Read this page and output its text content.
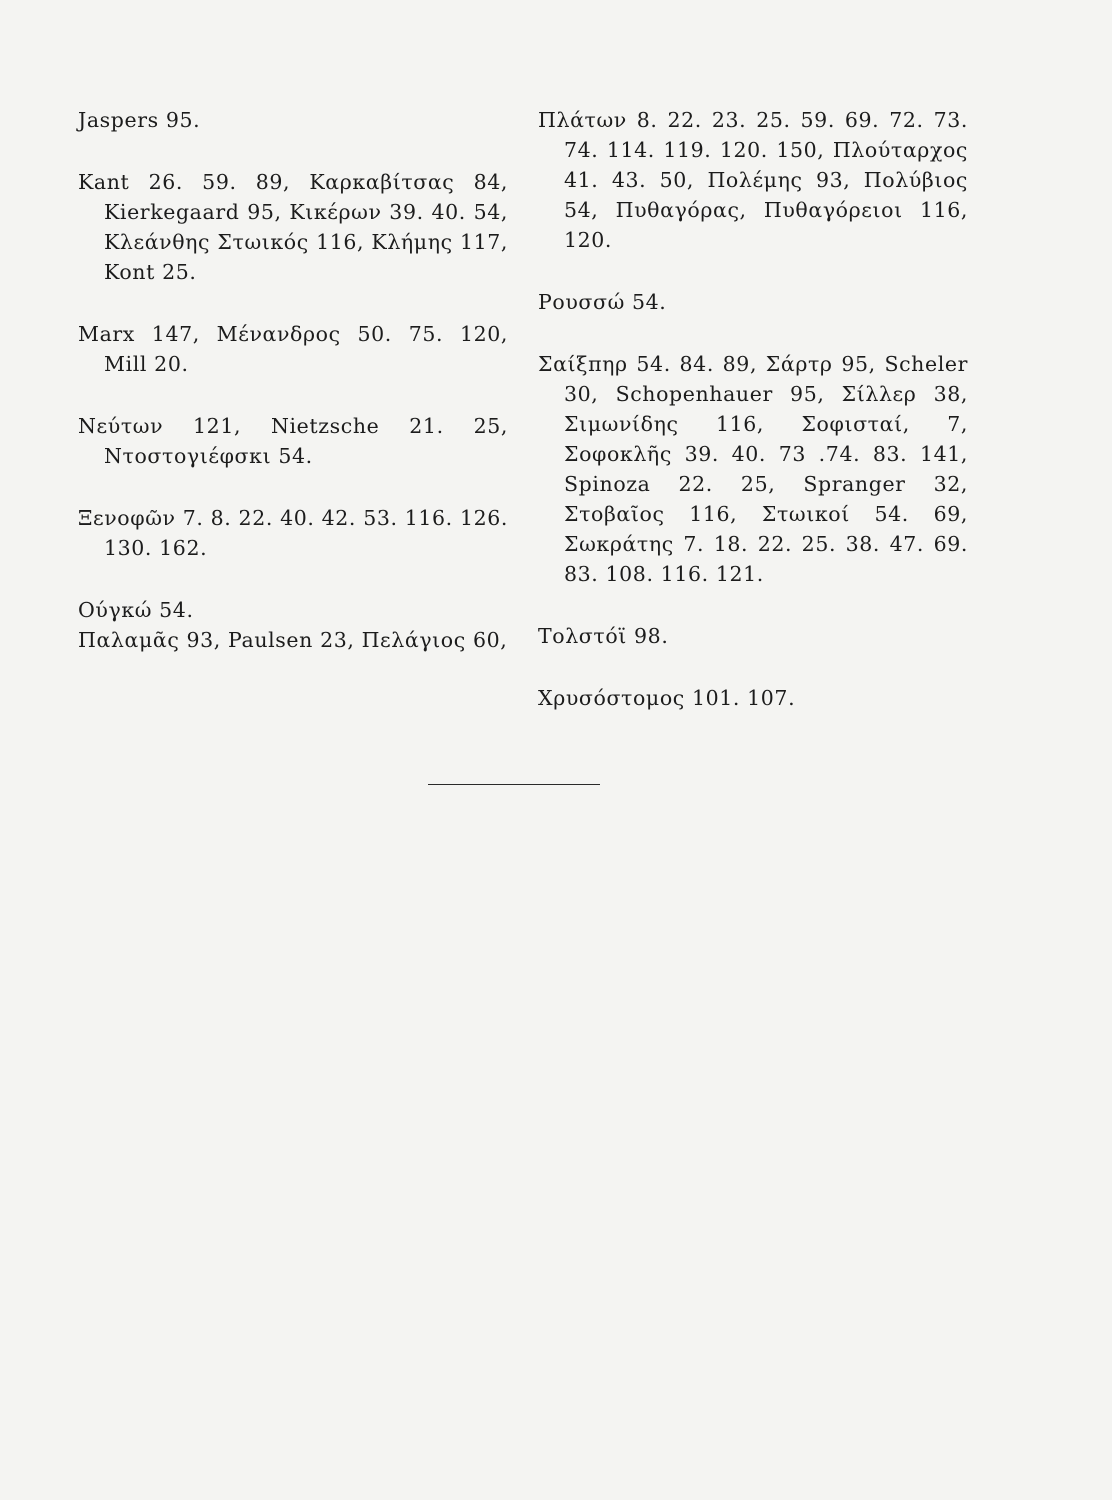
Jaspers 95.

Kant 26. 59. 89, Καρκαβίτσας 84, Kierkegaard 95, Κικέρων 39. 40. 54, Κλεάνθης Στωικός 116, Κλήμης 117, Kont 25.

Marx 147, Μένανδρος 50. 75. 120, Mill 20.

Νεύτων 121, Nietzsche 21. 25, Ντοστογιέφσκι 54.

Ξενοφῶν 7. 8. 22. 40. 42. 53. 116. 126. 130. 162.

Ούγκώ 54.

Παλαμᾶς 93, Paulsen 23, Πελάγιος 60,

Πλάτων 8. 22. 23. 25. 59. 69. 72. 73. 74. 114. 119. 120. 150, Πλούταρχος 41. 43. 50, Πολέμης 93, Πολύβιος 54, Πυθαγόρας, Πυθαγόρειοι 116, 120.

Ρουσσώ 54.

Σαίξπηρ 54. 84. 89, Σάρτρ 95, Scheler 30, Schopenhauer 95, Σίλλερ 38, Σιμωνίδης 116, Σοφισταί, 7, Σοφοκλῆς 39. 40. 73 .74. 83. 141, Spinoza 22. 25, Spranger 32, Στοβαῖος 116, Στωικοί 54. 69, Σωκράτης 7. 18. 22. 25. 38. 47. 69. 83. 108. 116. 121.

Τολστόϊ 98.

Χρυσόστομος 101. 107.
